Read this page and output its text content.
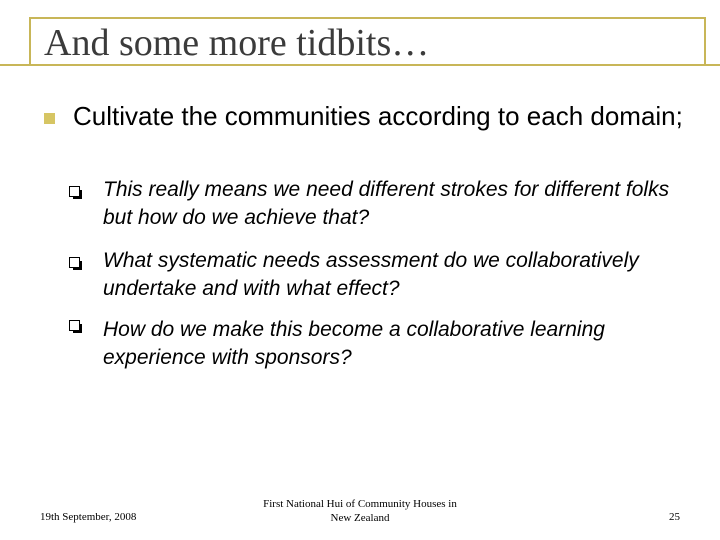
And some more tidbits…
Cultivate the communities according to each domain;
This really means we need different strokes for different folks but how do we achieve that?
What systematic needs assessment do we collaboratively undertake and with what effect?
How do we make this become a collaborative learning experience with sponsors?
19th September, 2008
First National Hui of Community Houses in
New Zealand	25
